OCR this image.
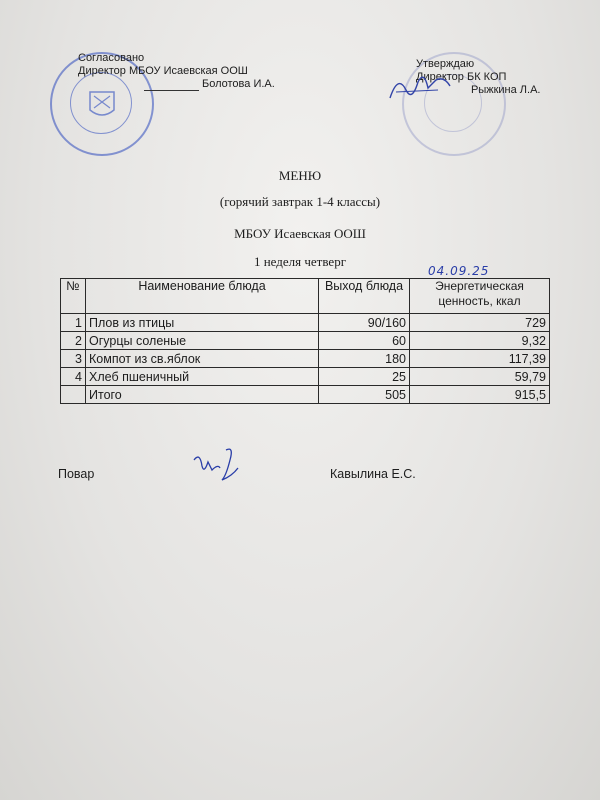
Согласовано
Директор МБОУ Исаевская ООШ
Болотова И.А.
Утверждаю
Директор БК КОП
Рыжкина Л.А.
МЕНЮ
(горячий завтрак 1-4 классы)
МБОУ Исаевская ООШ
1 неделя четверг
04.09.25
№	Наименование блюда	Выход блюда	Энергетическая ценность, ккал
1	Плов из птицы	90/160	729
2	Огурцы соленые	60	9,32
3	Компот из св.яблок	180	117,39
4	Хлеб пшеничный	25	59,79
	Итого	505	915,5
Повар	Кавылина Е.С.
